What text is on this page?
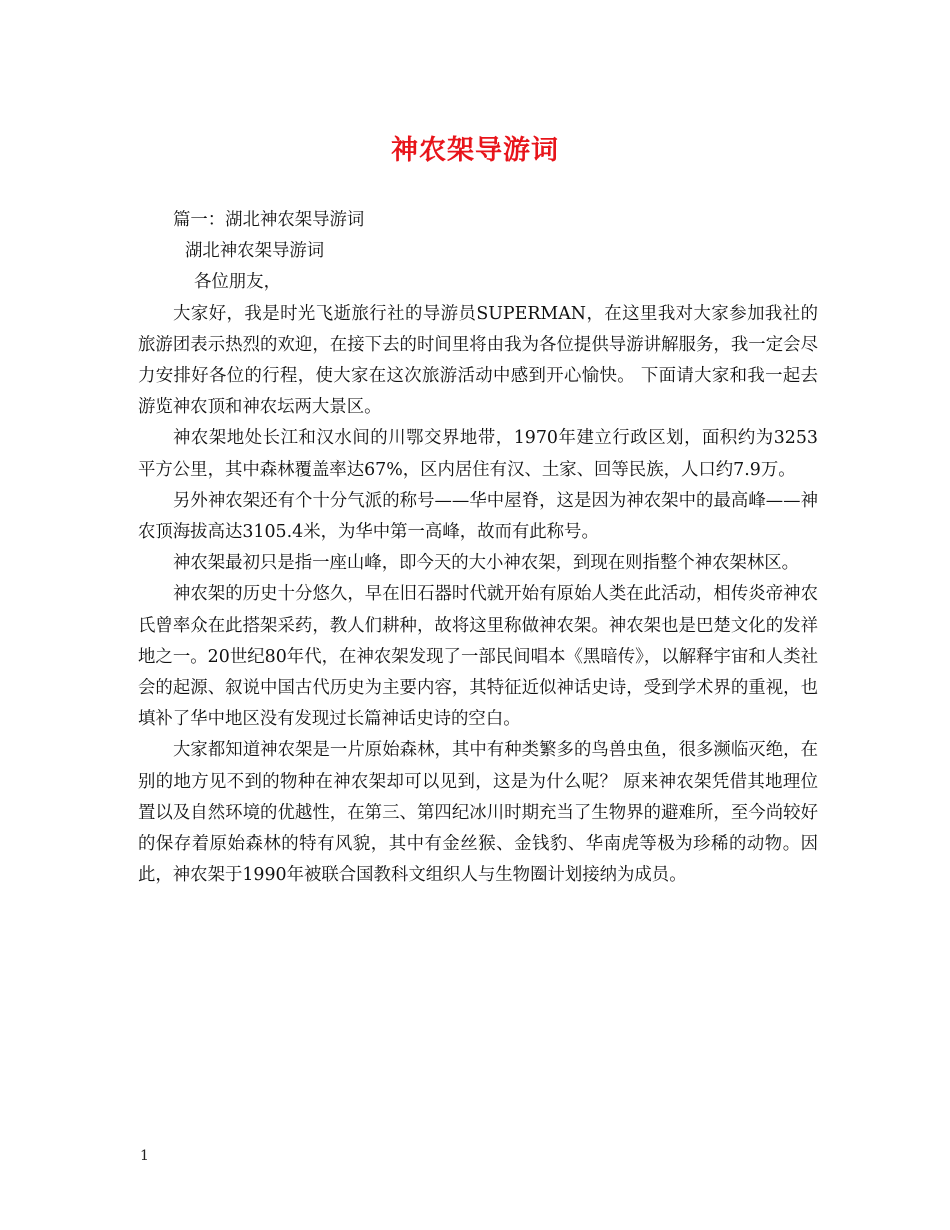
神农架导游词

篇一：湖北神农架导游词

湖北神农架导游词

各位朋友，

大家好，我是时光飞逝旅行社的导游员SUPERMAN，在这里我对大家参加我社的旅游团表示热烈的欢迎，在接下去的时间里将由我为各位提供导游讲解服务，我一定会尽力安排好各位的行程，使大家在这次旅游活动中感到开心愉快。 下面请大家和我一起去游览神农顶和神农坛两大景区。

神农架地处长江和汉水间的川鄂交界地带，1970年建立行政区划，面积约为3253平方公里，其中森林覆盖率达67%，区内居住有汉、土家、回等民族，人口约7.9万。

另外神农架还有个十分气派的称号——华中屋脊，这是因为神农架中的最高峰——神农顶海拔高达3105.4米，为华中第一高峰，故而有此称号。

神农架最初只是指一座山峰，即今天的大小神农架，到现在则指整个神农架林区。

神农架的历史十分悠久，早在旧石器时代就开始有原始人类在此活动，相传炎帝神农氏曾率众在此搭架采药，教人们耕种，故将这里称做神农架。神农架也是巴楚文化的发祥地之一。20世纪80年代，在神农架发现了一部民间唱本《黑暗传》，以解释宇宙和人类社会的起源、叙说中国古代历史为主要内容，其特征近似神话史诗，受到学术界的重视，也填补了华中地区没有发现过长篇神话史诗的空白。

大家都知道神农架是一片原始森林，其中有种类繁多的鸟兽虫鱼，很多濒临灭绝，在别的地方见不到的物种在神农架却可以见到，这是为什么呢？ 原来神农架凭借其地理位置以及自然环境的优越性，在第三、第四纪冰川时期充当了生物界的避难所，至今尚较好的保存着原始森林的特有风貌，其中有金丝猴、金钱豹、华南虎等极为珍稀的动物。因此，神农架于1990年被联合国教科文组织人与生物圈计划接纳为成员。

1
